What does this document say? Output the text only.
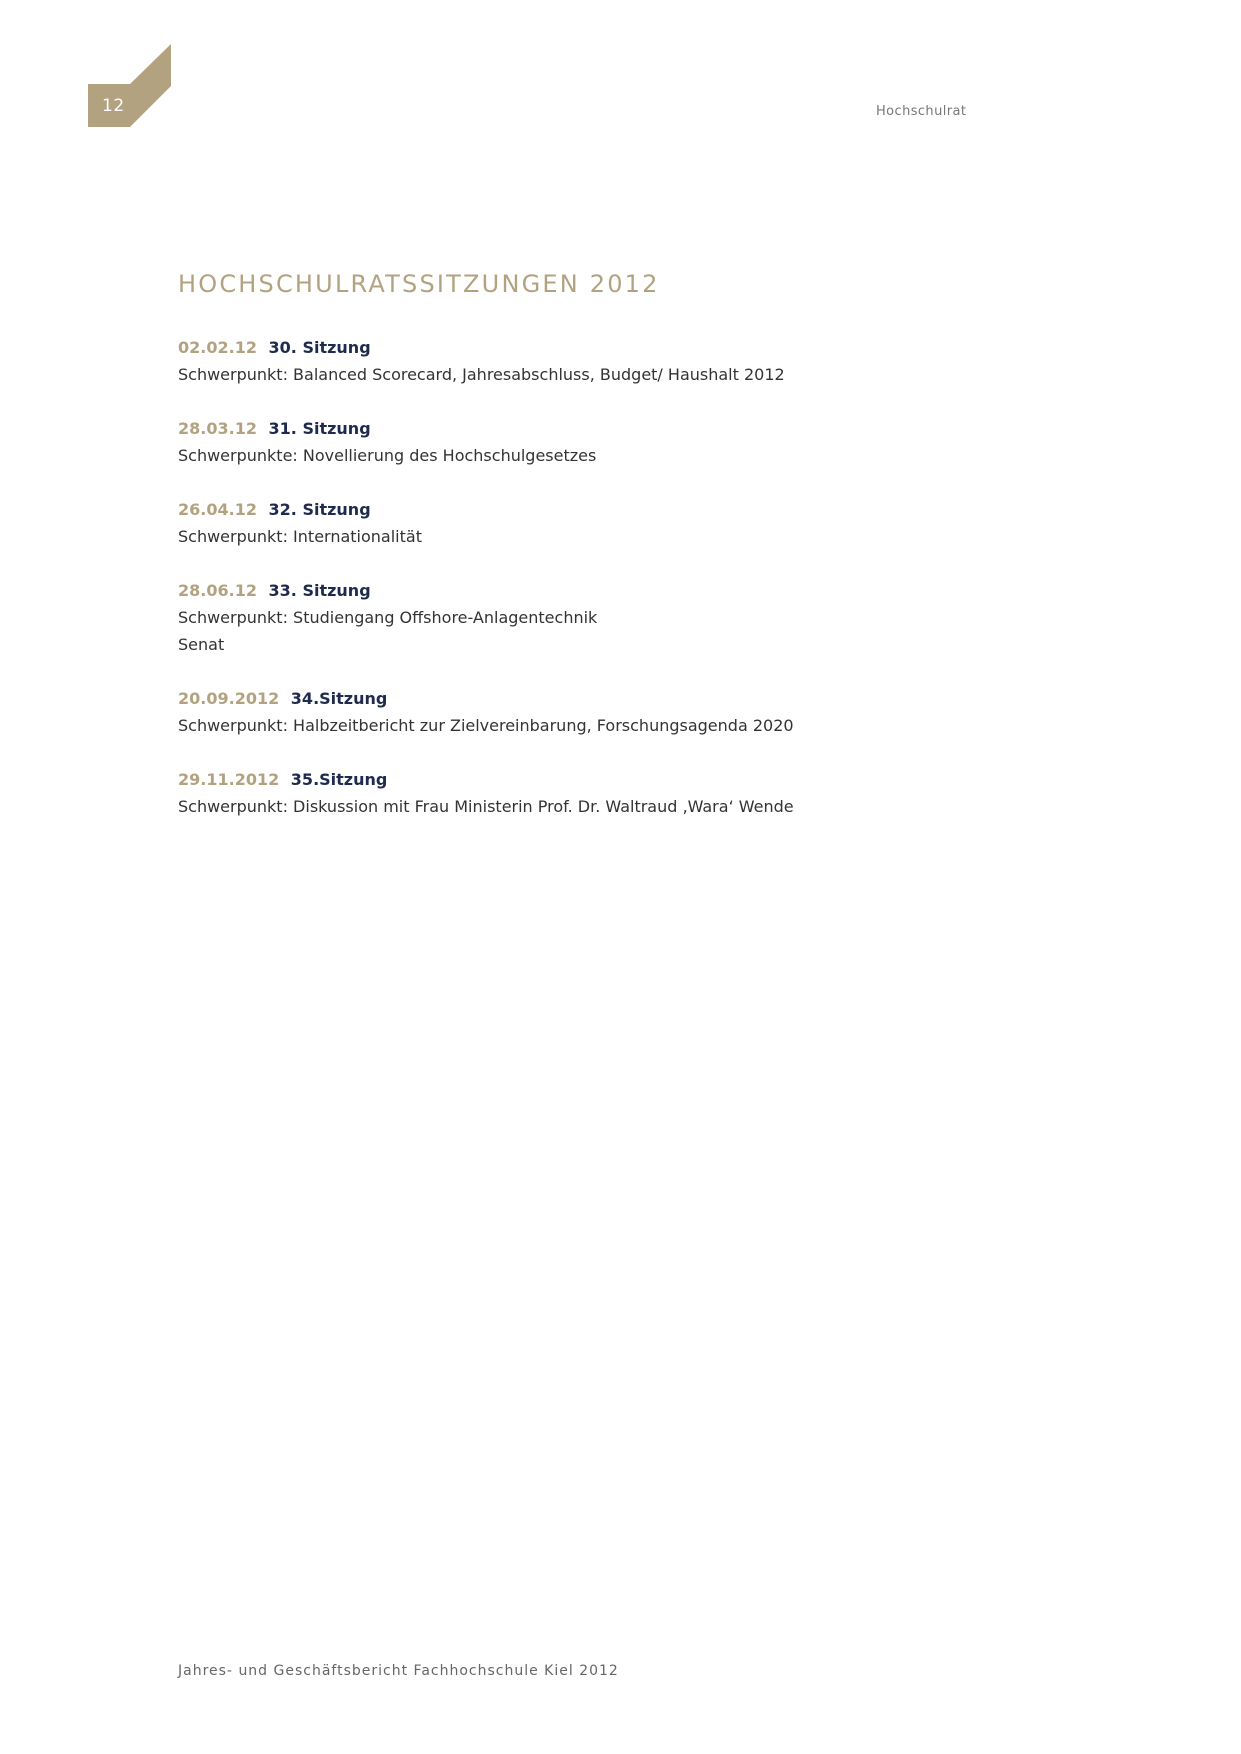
12	Hochschulrat
HOCHSCHULRATSSITZUNGEN 2012
02.02.12 30. Sitzung
Schwerpunkt: Balanced Scorecard, Jahresabschluss, Budget/ Haushalt 2012
28.03.12 31. Sitzung
Schwerpunkte: Novellierung des Hochschulgesetzes
26.04.12 32. Sitzung
Schwerpunkt: Internationalität
28.06.12 33. Sitzung
Schwerpunkt: Studiengang Offshore-Anlagentechnik
Senat
20.09.2012 34.Sitzung
Schwerpunkt: Halbzeitbericht zur Zielvereinbarung, Forschungsagenda 2020
29.11.2012 35.Sitzung
Schwerpunkt: Diskussion mit Frau Ministerin Prof. Dr. Waltraud ‚Wara‘ Wende
Jahres- und Geschäftsbericht Fachhochschule Kiel 2012
